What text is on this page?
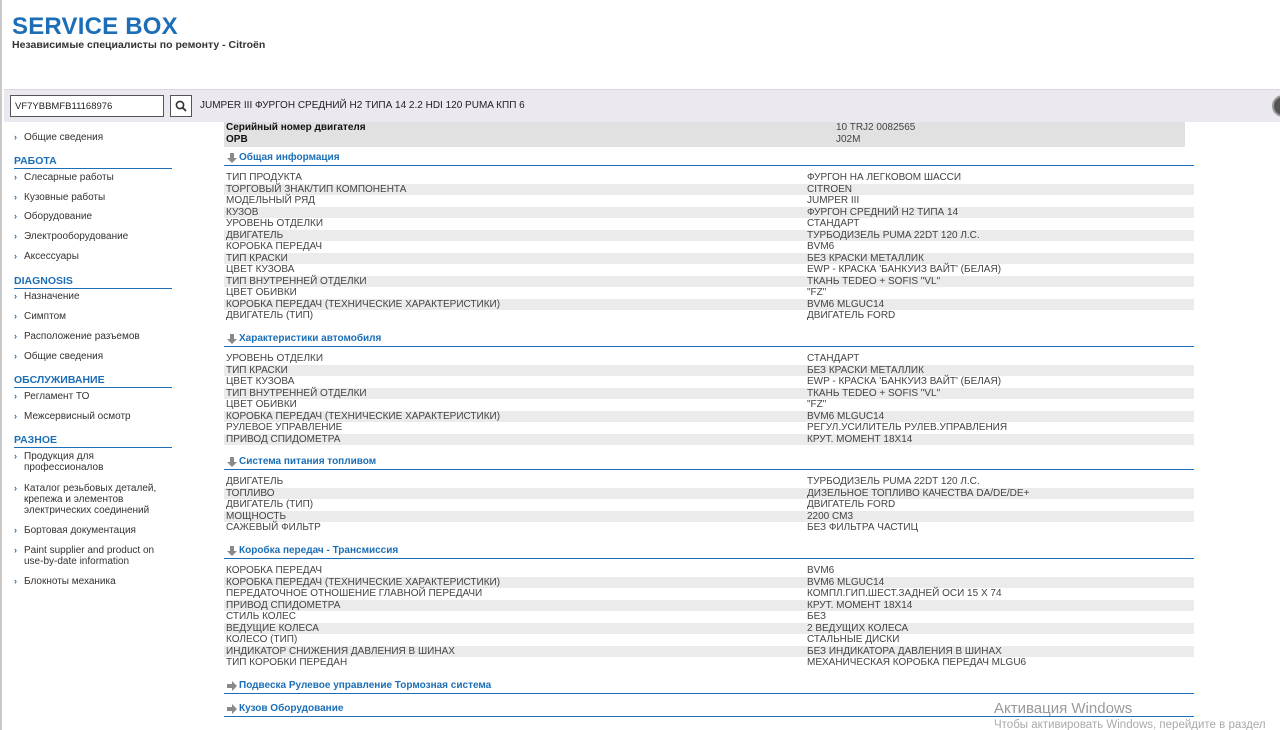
SERVICE BOX
Независимые специалисты по ремонту - Citroën
VF7YBBMFB11168976
JUMPER III ФУРГОН СРЕДНИЙ H2 ТИПА 14 2.2 HDI 120 PUMA КПП 6
› Общие сведения
РАБОТА
› Слесарные работы
› Кузовные работы
› Оборудование
› Электрооборудование
› Аксессуары
DIAGNOSIS
› Назначение
› Симптом
› Расположение разъемов
› Общие сведения
ОБСЛУЖИВАНИЕ
› Регламент ТО
› Межсервисный осмотр
РАЗНОЕ
› Продукция для профессионалов
› Каталог резьбовых деталей, крепежа и элементов электрических соединений
› Бортовая документация
› Paint supplier and product on use-by-date information
› Блокноты механика
Серийный номер двигателя	10 TRJ2 0082565
OPB	J02M
Общая информация
ТИП ПРОДУКТА	ФУРГОН НА ЛЕГКОВОМ ШАССИ
ТОРГОВЫЙ ЗНАК/ТИП КОМПОНЕНТА	CITROEN
МОДЕЛЬНЫЙ РЯД	JUMPER III
КУЗОВ	ФУРГОН СРЕДНИЙ H2 ТИПА 14
УРОВЕНЬ ОТДЕЛКИ	СТАНДАРТ
ДВИГАТЕЛЬ	ТУРБОДИЗЕЛЬ PUMA 22DT 120 Л.С.
КОРОБКА ПЕРЕДАЧ	BVM6
ТИП КРАСКИ	БЕЗ КРАСКИ МЕТАЛЛИК
ЦВЕТ КУЗОВА	EWP - КРАСКА 'БАНКУИЗ ВАЙТ' (БЕЛАЯ)
ТИП ВНУТРЕННЕЙ ОТДЕЛКИ	ТКАНЬ TEDEO + SOFIS "VL"
ЦВЕТ ОБИВКИ	"FZ"
КОРОБКА ПЕРЕДАЧ (ТЕХНИЧЕСКИЕ ХАРАКТЕРИСТИКИ)	BVM6 MLGUC14
ДВИГАТЕЛЬ (ТИП)	ДВИГАТЕЛЬ FORD
Характеристики автомобиля
УРОВЕНЬ ОТДЕЛКИ	СТАНДАРТ
ТИП КРАСКИ	БЕЗ КРАСКИ МЕТАЛЛИК
ЦВЕТ КУЗОВА	EWP - КРАСКА 'БАНКУИЗ ВАЙТ' (БЕЛАЯ)
ТИП ВНУТРЕННЕЙ ОТДЕЛКИ	ТКАНЬ TEDEO + SOFIS "VL"
ЦВЕТ ОБИВКИ	"FZ"
КОРОБКА ПЕРЕДАЧ (ТЕХНИЧЕСКИЕ ХАРАКТЕРИСТИКИ)	BVM6 MLGUC14
РУЛЕВОЕ УПРАВЛЕНИЕ	РЕГУЛ.УСИЛИТЕЛЬ РУЛЕВ.УПРАВЛЕНИЯ
ПРИВОД СПИДОМЕТРА	КРУТ. МОМЕНТ 18X14
Система питания топливом
ДВИГАТЕЛЬ	ТУРБОДИЗЕЛЬ PUMA 22DT 120 Л.С.
ТОПЛИВО	ДИЗЕЛЬНОЕ ТОПЛИВО КАЧЕСТВА DA/DE/DE+
ДВИГАТЕЛЬ (ТИП)	ДВИГАТЕЛЬ FORD
МОЩНОСТЬ	2200 СМ3
САЖЕВЫЙ ФИЛЬТР	БЕЗ ФИЛЬТРА ЧАСТИЦ
Коробка передач - Трансмиссия
КОРОБКА ПЕРЕДАЧ	BVM6
КОРОБКА ПЕРЕДАЧ (ТЕХНИЧЕСКИЕ ХАРАКТЕРИСТИКИ)	BVM6 MLGUC14
ПЕРЕДАТОЧНОЕ ОТНОШЕНИЕ ГЛАВНОЙ ПЕРЕДАЧИ	КОМПЛ.ГИП.ШЕСТ.ЗАДНЕЙ ОСИ 15 X 74
ПРИВОД СПИДОМЕТРА	КРУТ. МОМЕНТ 18X14
СТИЛЬ КОЛЕС	БЕЗ
ВЕДУЩИЕ КОЛЕСА	2 ВЕДУЩИХ КОЛЕСА
КОЛЕСО (ТИП)	СТАЛЬНЫЕ ДИСКИ
ИНДИКАТОР СНИЖЕНИЯ ДАВЛЕНИЯ В ШИНАХ	БЕЗ ИНДИКАТОРА ДАВЛЕНИЯ В ШИНАХ
ТИП КОРОБКИ ПЕРЕДАН	МЕХАНИЧЕСКАЯ КОРОБКА ПЕРЕДАЧ MLGU6
Подвеска Рулевое управление Тормозная система
Кузов Оборудование	Активация Windows
Чтобы активировать Windows, перейдите в раздел
